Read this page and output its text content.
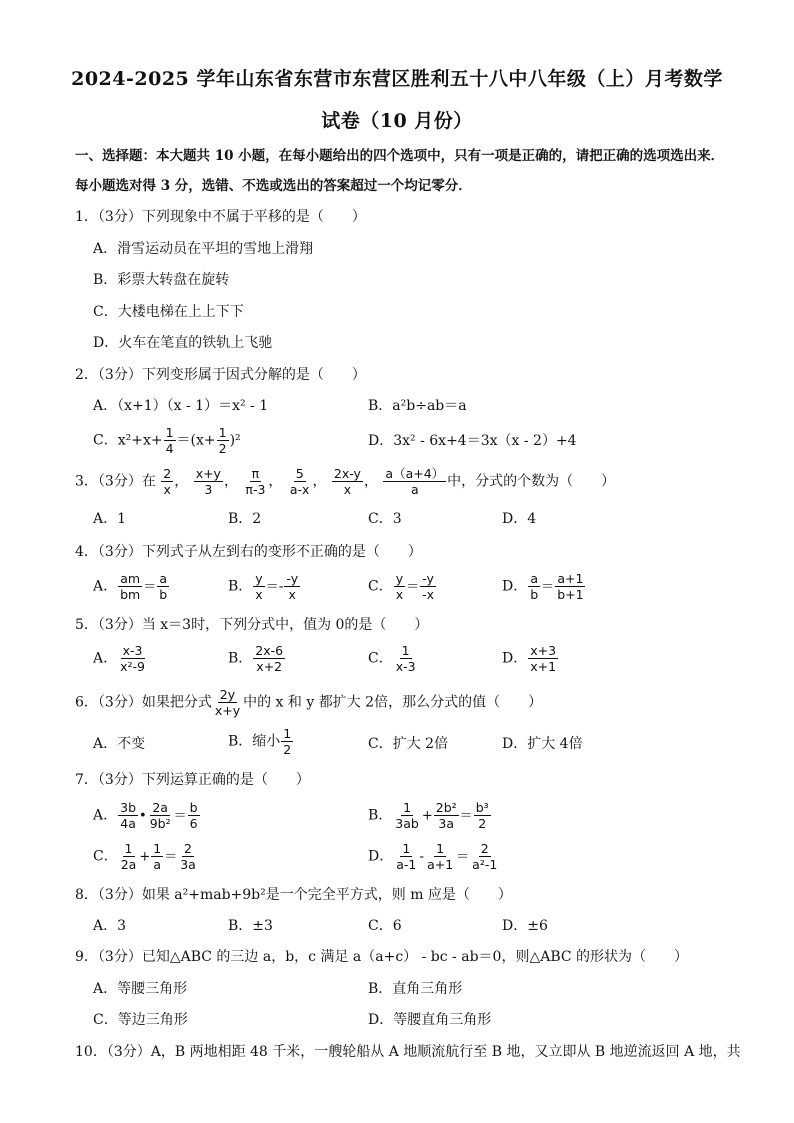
2024-2025 学年山东省东营市东营区胜利五十八中八年级（上）月考数学
试卷（10 月份）
一、选择题：本大题共 10 小题，在每小题给出的四个选项中，只有一项是正确的，请把正确的选项选出来．每小题选对得 3 分，选错、不选或选出的答案超过一个均记零分．
1．（3分）下列现象中不属于平移的是（　　）
A．滑雪运动员在平坦的雪地上滑翔
B．彩票大转盘在旋转
C．大楼电梯在上上下下
D．火车在笔直的铁轨上飞驰
2．（3分）下列变形属于因式分解的是（　　）
A．（x+1）（x - 1）＝x² - 1	B．a²b÷ab＝a
C．$x^2+x+ \frac{1}{4} =(x+ \frac{1}{2} )^2$	D．3x² - 6x+4＝3x（x - 2）+4
3．（3分）在 $\frac{2}{x}$ ， $\frac{x+y}{3}$ ， $\frac{\pi}{\pi-3}$ ， $\frac{5}{a-x}$ ， $\frac{2x-y}{x}$ ， $\frac{a(a+4)}{a}$ 中，分式的个数为（　　）
A．1	B．2	C．3	D．4
4．（3分）下列式子从左到右的变形不正确的是（　　）
A． $\frac{am}{bm} = \frac{a}{b}$	B． $\frac{y}{x} =- \frac{-y}{x}$	C． $\frac{y}{x} = \frac{-y}{-x}$	D． $\frac{a}{b} = \frac{a+1}{b+1}$
5．（3分）当 x＝3时，下列分式中，值为 0的是（　　）
A． $\frac{x-3}{\text{x²-9}}$	B． $\frac{2x-6}{x+2}$	C． $\frac{1}{x-3}$	D． $\frac{x+3}{x+1}$
6．（3分）如果把分式 $\frac{2y}{x+y}$ 中的 x 和 y 都扩大 2倍，那么分式的值（　　）
A．不变	B．缩小 $\frac{1}{2}$	C．扩大 2倍	D．扩大 4倍
7．（3分）下列运算正确的是（　　）
A． $\frac{3b}{4a}$ • $\frac{2a}{\text{9b²}} = \frac{b}{6}$	B． $\frac{1}{3ab} + \frac{\text{2b²}}{3a} = \frac{\text{b³}}{2}$
C． $\frac{1}{2a} + \frac{1}{a} = \frac{2}{3a}$	D． $\frac{1}{a-1} - \frac{1}{a+1} = \frac{2}{\text{a²-1}}$
8．（3分）如果 a²+mab+9b²是一个完全平方式，则 m 应是（　　）
A．3	B．±3	C．6	D．±6
9．（3分）已知△ABC 的三边 a，b，c 满足 a（a+c） - bc - ab＝0，则△ABC 的形状为（　　）
A．等腰三角形	B．直角三角形
C．等边三角形	D．等腰直角三角形
10．（3分）A，B 两地相距 48 千米，一艘轮船从 A 地顺流航行至 B 地，又立即从 B 地逆流返回 A 地，共
